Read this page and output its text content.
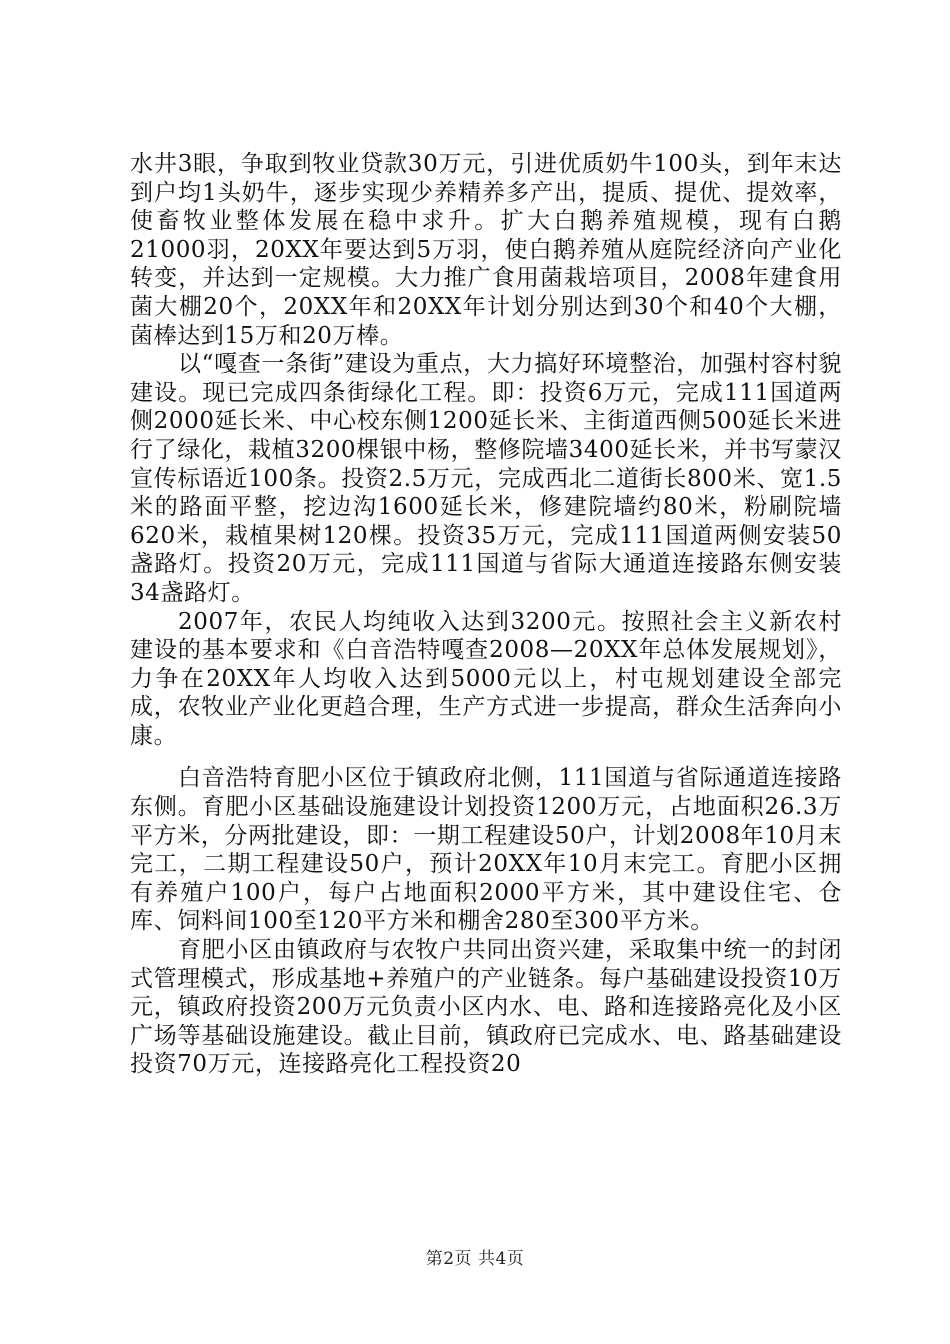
水井3眼，争取到牧业贷款30万元，引进优质奶牛100头，到年末达到户均1头奶牛，逐步实现少养精养多产出，提质、提优、提效率，使畜牧业整体发展在稳中求升。扩大白鹅养殖规模，现有白鹅21000羽，20XX年要达到5万羽，使白鹅养殖从庭院经济向产业化转变，并达到一定规模。大力推广食用菌栽培项目，2008年建食用菌大棚20个，20XX年和20XX年计划分别达到30个和40个大棚，菌棒达到15万和20万棒。

以“嘎查一条街”建设为重点，大力搞好环境整治，加强村容村貌建设。现已完成四条街绿化工程。即：投资6万元，完成111国道两侧2000延长米、中心校东侧1200延长米、主街道西侧500延长米进行了绿化，栽植3200棵银中杨，整修院墙3400延长米，并书写蒙汉宣传标语近100条。投资2.5万元，完成西北二道街长800米、宽1.5米的路面平整，挖边沟1600延长米，修建院墙约80米，粉刷院墙620米，栽植果树120棵。投资35万元，完成111国道两侧安装50盏路灯。投资20万元，完成111国道与省际大通道连接路东侧安装34盏路灯。

2007年，农民人均纯收入达到3200元。按照社会主义新农村建设的基本要求和《白音浩特嘎查2008—20XX年总体发展规划》，力争在20XX年人均收入达到5000元以上，村屯规划建设全部完成，农牧业产业化更趋合理，生产方式进一步提高，群众生活奔向小康。

白音浩特育肥小区位于镇政府北侧，111国道与省际通道连接路东侧。育肥小区基础设施建设计划投资1200万元，占地面积26.3万平方米，分两批建设，即：一期工程建设50户，计划2008年10月末完工，二期工程建设50户，预计20XX年10月末完工。育肥小区拥有养殖户100户，每户占地面积2000平方米，其中建设住宅、仓库、饲料间100至120平方米和棚舍280至300平方米。

育肥小区由镇政府与农牧户共同出资兴建，采取集中统一的封闭式管理模式，形成基地+养殖户的产业链条。每户基础建设投资10万元，镇政府投资200万元负责小区内水、电、路和连接路亮化及小区广场等基础设施建设。截止目前，镇政府已完成水、电、路基础建设投资70万元，连接路亮化工程投资20

第2页 共4页
